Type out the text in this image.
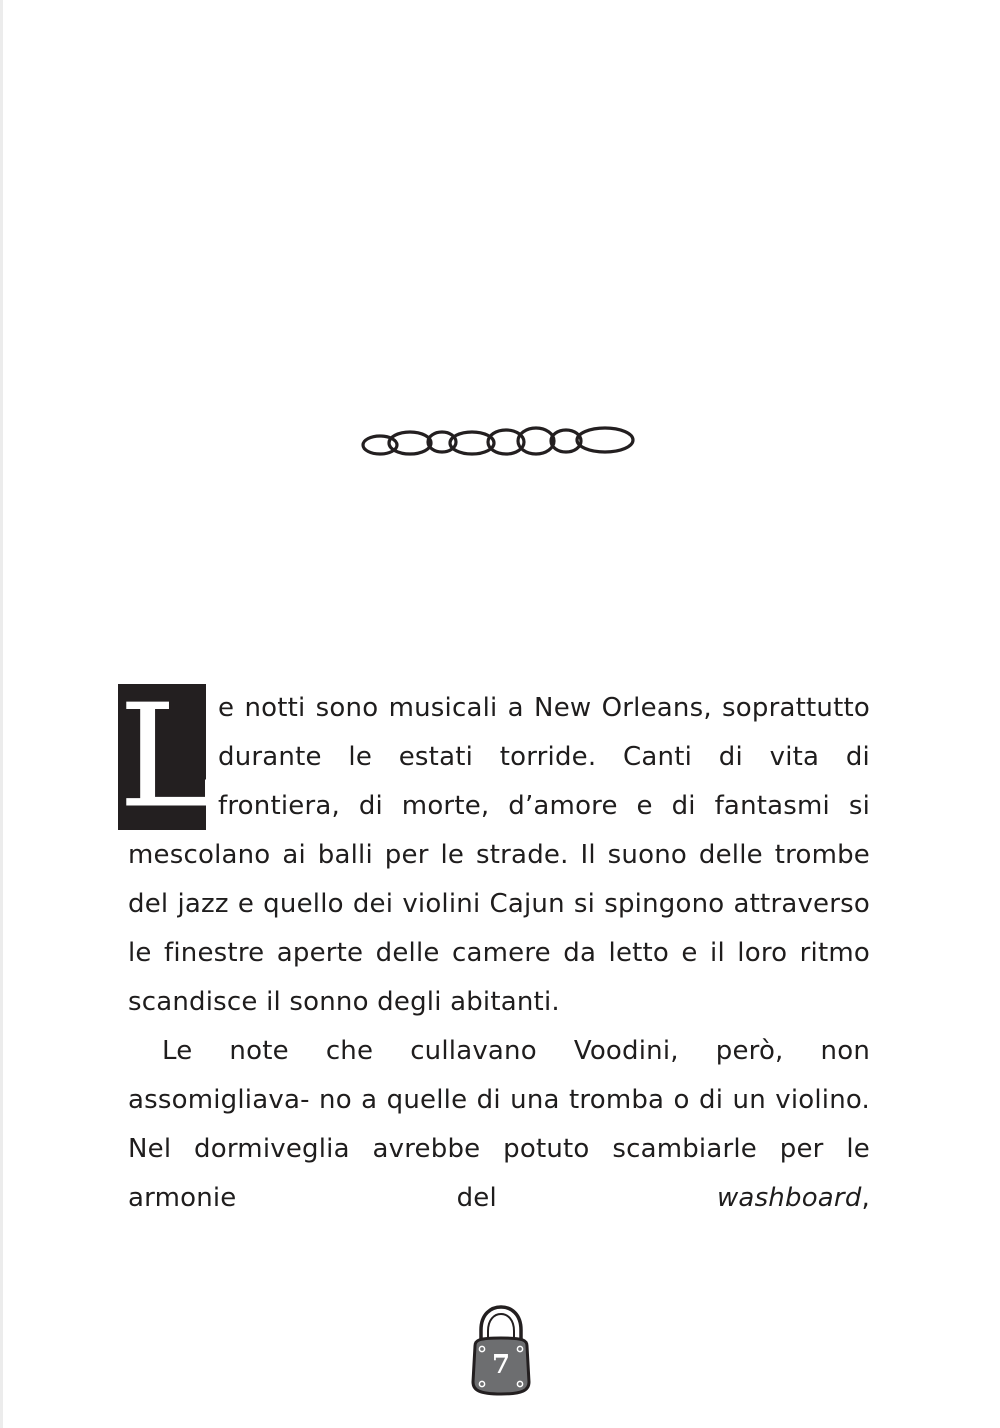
L e notti sono musicali a New Orleans, soprattutto durante le estati torride. Canti di vita di frontiera, di morte, d’amore e di fantasmi si mescolano ai balli per le strade. Il suono delle trombe del jazz e quello dei violini Cajun si spingono attraverso le finestre aperte delle camere da letto e il loro ritmo scandisce il sonno degli abitanti.

Le note che cullavano Voodini, però, non assomigliava- no a quelle di una tromba o di un violino. Nel dormiveglia avrebbe potuto scambiarle per le armonie del washboard,

7
